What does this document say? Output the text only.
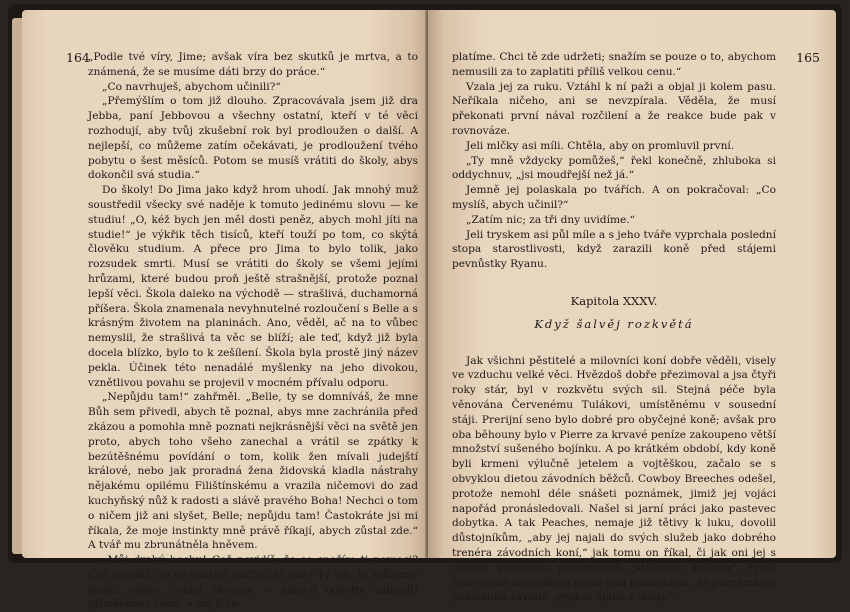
164

„Podle tvé víry, Jime; avšak víra bez skutků je mrtva, a to známená, že se musíme dáti brzy do práce.“

„Co navrhuješ, abychom učinili?“

„Přemýšlím o tom již dlouho. Zpracovávala jsem již dra Jebba, paní Jebbovou a všechny ostatní, kteří v té věci rozhodují, aby tvůj zkušební rok byl prodloužen o další. A nejlepší, co můžeme zatím očekávati, je prodloužení tvého pobytu o šest měsíců. Potom se musíš vrátiti do školy, abys dokončil svá studia.“

Do školy! Do Jima jako když hrom uhodí. Jak mnohý muž soustředil všecky své naděje k tomuto jedinému slovu — ke studiu! „O, kéž bych jen měl dosti peněz, abych mohl jíti na studie!“ je výkřik těch tisíců, kteří touží po tom, co skýtá člověku studium. A přece pro Jima to bylo tolik, jako rozsudek smrti. Musí se vrátiti do školy se všemi jejími hrůzami, které budou proň ještě strašnější, protože poznal lepší věci. Škola daleko na východě — strašlivá, duchamorná příšera. Škola znamenala nevyhnutelné rozloučení s Belle a s krásným životem na planinách. Ano, věděl, ač na to vůbec nemyslil, že strašlivá ta věc se blíží; ale teď, když již byla docela blízko, bylo to k zešílení. Škola byla prostě jiný název pekla. Účinek této nenadálé myšlenky na jeho divokou, vznětlivou povahu se projevil v mocném přívalu odporu.

„Nepůjdu tam!“ zahřměl. „Belle, ty se domníváš, že mne Bůh sem přivedl, abych tě poznal, abys mne zachránila před zkázou a pomohla mně poznati nejkrásnější věci na světě jen proto, abych toho všeho zanechal a vrátil se zpátky k bezútěšnému povídání o tom, kolik žen mívali judejští králové, nebo jak proradná žena židovská kladla nástrahy nějakému opilému Filištínskému a vrazila ničemovi do zad kuchyňský nůž k radosti a slávě pravého Boha! Nechci o tom o ničem již ani slyšet, Belle; nepůjdu tam! Častokráte jsi mi říkala, že moje instinkty mně právě říkají, abych zůstal zde.“ A tvář mu zbrunátněla hněvem.

„Můj drahý hochu! Což nevidíš, že se snažím ti pomoci? Což nevidíš, že se snažím udržeti tě zde? Ty víš, že můžeme dosíci všeho, cokoli chceme — jsme-li ochotni zaplatiti přiměřenou cenu, a my ji za-

165

platíme. Chci tě zde udržeti; snažím se pouze o to, abychom nemusili za to zaplatiti příliš velkou cenu.“

Vzala jej za ruku. Vztáhl k ní paži a objal ji kolem pasu. Neříkala ničeho, ani se nevzpírala. Věděla, že musí překonati první nával rozčilení a že reakce bude pak v rovnováze.

Jeli mlčky asi míli. Chtěla, aby on promluvil první.

„Ty mně vždycky pomůžeš,“ řekl konečně, zhluboka si oddychnuv, „jsi moudřejší než já.“

Jemně jej polaskala po tvářích. A on pokračoval: „Co myslíš, abych učinil?“

„Zatím nic; za tři dny uvidíme.“

Jeli tryskem asi půl míle a s jeho tváře vyprchala poslední stopa starostlivosti, když zarazili koně před stájemi pevnůstky Ryanu.

Kapitola XXXV.

Když šalvěj rozkvětá

Jak všichni pěstitelé a milovníci koní dobře věděli, visely ve vzduchu velké věci. Hvězdoš dobře přezimoval a jsa čtyři roky stár, byl v rozkvětu svých sil. Stejná péče byla věnována Červenému Tulákovi, umístěnému v sousední stáji. Prerijní seno bylo dobré pro obyčejné koně; avšak pro oba běhouny bylo v Pierre za krvavé peníze zakoupeno větší množství sušeného bojínku. A po krátkém období, kdy koně byli krmeni výlučně jetelem a vojtěškou, začalo se s obvyklou dietou závodních běžců. Cowboy Breeches odešel, protože nemohl déle snášeti poznámek, jimiž jej vojáci napořád pronásledovali. Našel si jarní práci jako pastevec dobytka. A tak Peaches, nemaje již tětivy k luku, dovolil důstojníkům, „aby jej najali do svých služeb jako dobrého trenéra závodních koní,“ jak tomu on říkal, či jak oni jej s drsnou prostotou pojmenovali „stájovým klukem“. Přijal toto velice odpovědné místo pod podmínkou, že poznámky o posledním závodě „vyjdou úplně z módy“.
